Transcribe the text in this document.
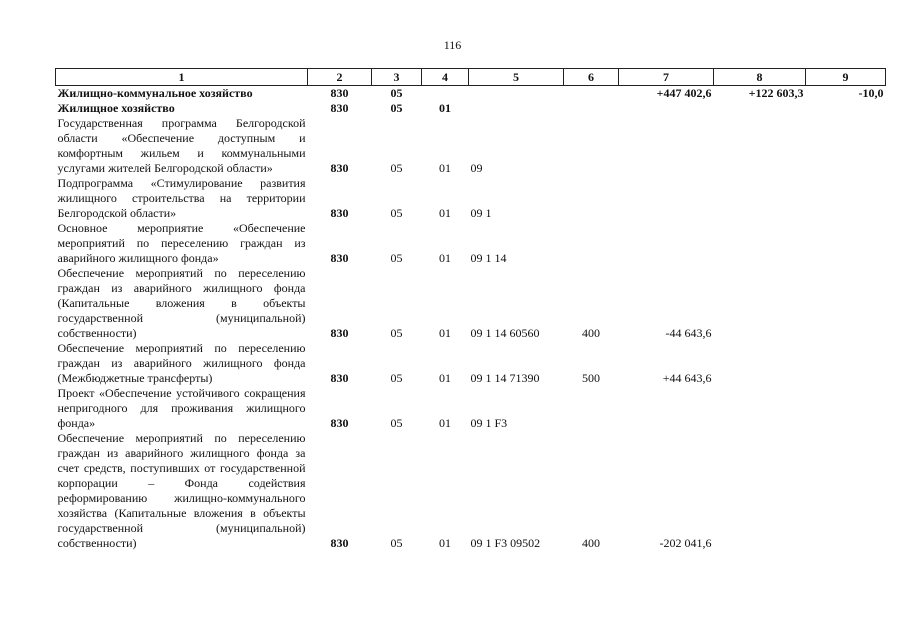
116
1	2	3	4	5	6	7	8	9
Жилищно-коммунальное хозяйство	830	05				+447 402,6	+122 603,3	-10,0
Жилищное хозяйство	830	05	01					
Государственная программа Белгородской области «Обеспечение доступным и комфортным жильем и коммунальными услугами жителей Белгородской области»	830	05	01	09				
Подпрограмма «Стимулирование развития жилищного строительства на территории Белгородской области»	830	05	01	09 1				
Основное мероприятие «Обеспечение мероприятий по переселению граждан из аварийного жилищного фонда»	830	05	01	09 1 14				
Обеспечение мероприятий по переселению граждан из аварийного жилищного фонда (Капитальные вложения в объекты государственной (муниципальной) собственности)	830	05	01	09 1 14 60560	400	-44 643,6		
Обеспечение мероприятий по переселению граждан из аварийного жилищного фонда (Межбюджетные трансферты)	830	05	01	09 1 14 71390	500	+44 643,6		
Проект «Обеспечение устойчивого сокращения непригодного для проживания жилищного фонда»	830	05	01	09 1 F3				
Обеспечение мероприятий по переселению граждан из аварийного жилищного фонда за счет средств, поступивших от государственной корпорации – Фонда содействия реформированию жилищно-коммунального хозяйства (Капитальные вложения в объекты государственной (муниципальной) собственности)	830	05	01	09 1 F3 09502	400	-202 041,6		
